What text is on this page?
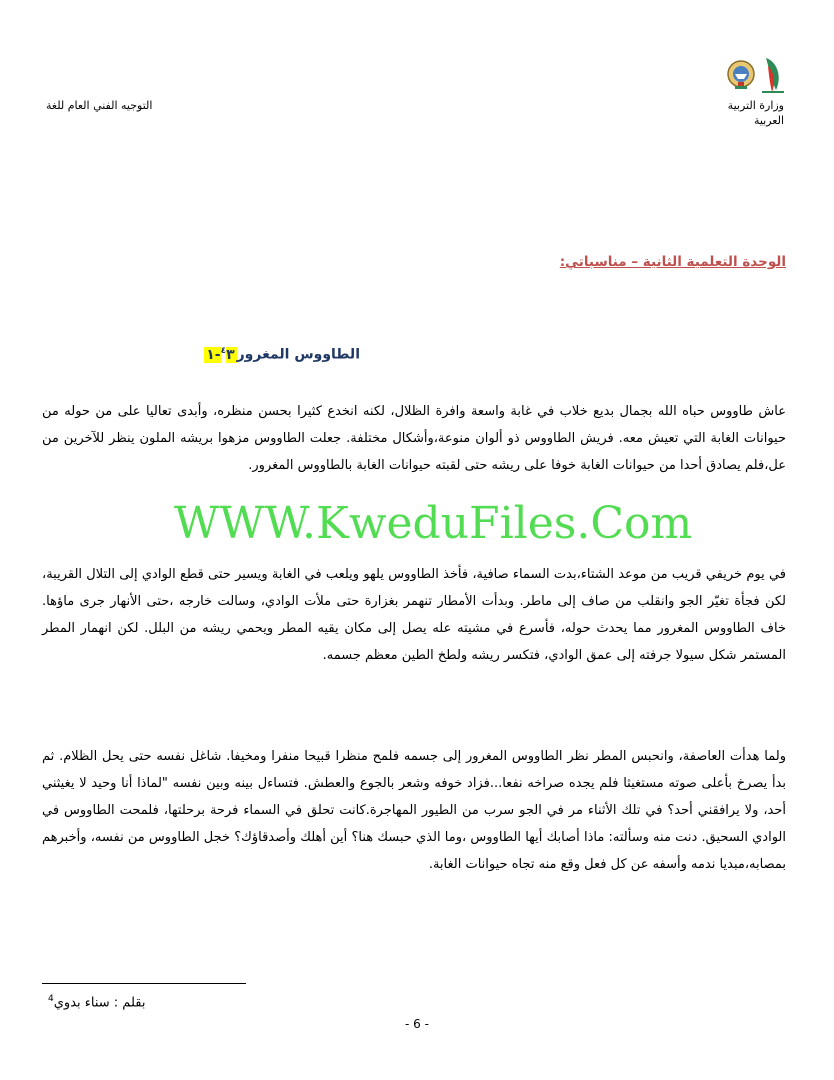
وزارة التربية
العربية
التوجيه الفني العام للغة
الوحدة التعلمية الثانية – مناسباتي:
الطاووس المغرور$^٤$٣-١
عاش طاووس حباه الله بجمال بديع خلاب في غابة واسعة وافرة الظلال، لكنه انخدع كثيرا بحسن منظره، وأبدى تعاليا على من حوله من حيوانات الغابة التي تعيش معه. فريش الطاووس ذو ألوان منوعة،وأشكال مختلفة. جعلت الطاووس مزهوا بريشه الملون ينظر للآخرين من عل،فلم يصادق أحدا من حيوانات الغابة خوفا على ريشه حتى لقبته حيوانات الغابة بالطاووس المغرور.
في يوم خريفي قريب من موعد الشتاء،بدت السماء صافية، فأخذ الطاووس يلهو ويلعب في الغابة ويسير حتى قطع الوادي إلى التلال القريبة، لكن فجأة تغيّر الجو وانقلب من صاف إلى ماطر. وبدأت الأمطار تنهمر بغزارة حتى ملأت الوادي، وسالت خارجه ،حتى الأنهار جرى ماؤها. خاف الطاووس المغرور مما يحدث حوله، فأسرع في مشيته عله يصل إلى مكان يقيه المطر ويحمي ريشه من البلل. لكن انهمار المطر المستمر شكل سيولا جرفته إلى عمق الوادي، فتكسر ريشه ولطخ الطين معظم جسمه.
ولما هدأت العاصفة، وانحبس المطر نظر الطاووس المغرور إلى جسمه فلمح منظرا قبيحا منفرا ومخيفا. شاغل نفسه حتى يحل الظلام. ثم بدأ يصرخ بأعلى صوته مستغيثا فلم يجده صراخه نفعا...فزاد خوفه وشعر بالجوع والعطش. فتساءل بينه وبين نفسه "لماذا أنا وحيد لا يغيثني أحد، ولا يرافقني أحد؟ في تلك الأثناء مر في الجو سرب من الطيور المهاجرة.كانت تحلق في السماء فرحة برحلتها، فلمحت الطاووس في الوادي السحيق. دنت منه وسألته: ماذا أصابك أيها الطاووس ،وما الذي حبسك هنا؟ أين أهلك وأصدقاؤك؟ خجل الطاووس من نفسه، وأخبرهم بمصابه،مبديا ندمه وأسفه عن كل فعل وقع منه تجاه حيوانات الغابة.
WWW.KweduFiles.Com
بقلم : سناء بدوي$^4$
- 6 -
